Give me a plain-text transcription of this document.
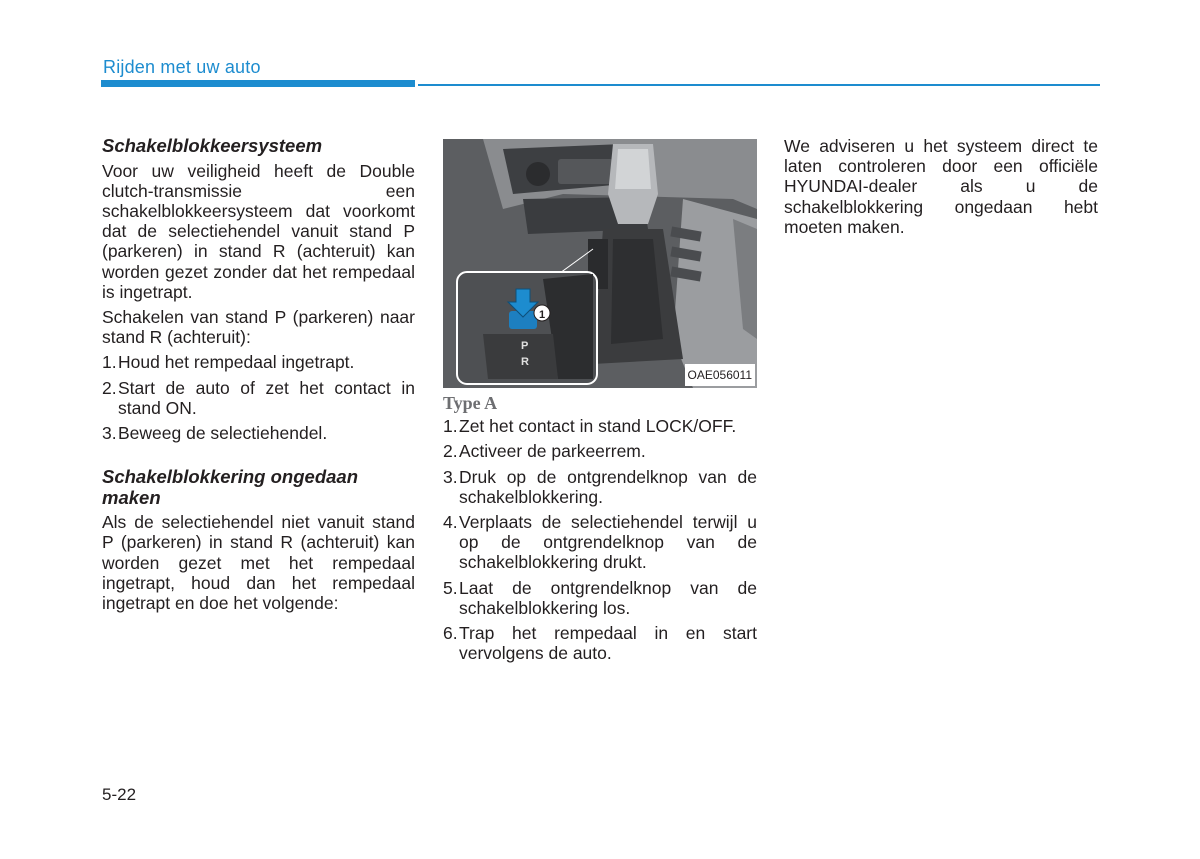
Rijden met uw auto
Schakelblokkeersysteem

Voor uw veiligheid heeft de Double clutch-transmissie een schakelblokkeersysteem dat voorkomt dat de selectiehendel vanuit stand P (parkeren) in stand R (achteruit) kan worden gezet zonder dat het rempedaal is ingetrapt.

Schakelen van stand P (parkeren) naar stand R (achteruit):

1. Houd het rempedaal ingetrapt.
2. Start de auto of zet het contact in stand ON.
3. Beweeg de selectiehendel.
Schakelblokkering ongedaan maken

Als de selectiehendel niet vanuit stand P (parkeren) in stand R (achteruit) kan worden gezet met het rempedaal ingetrapt, houd dan het rempedaal ingetrapt en doe het volgende:

1
P
R
OAE056011
Type A
1. Zet het contact in stand LOCK/OFF.
2. Activeer de parkeerrem.
3. Druk op de ontgrendelknop van de schakelblokkering.
4. Verplaats de selectiehendel terwijl u op de ontgrendelknop van de schakelblokkering drukt.
5. Laat de ontgrendelknop van de schakelblokkering los.
6. Trap het rempedaal in en start vervolgens de auto.

We adviseren u het systeem direct te laten controleren door een officiële HYUNDAI-dealer als u de schakelblokkering ongedaan hebt moeten maken.

5-22
